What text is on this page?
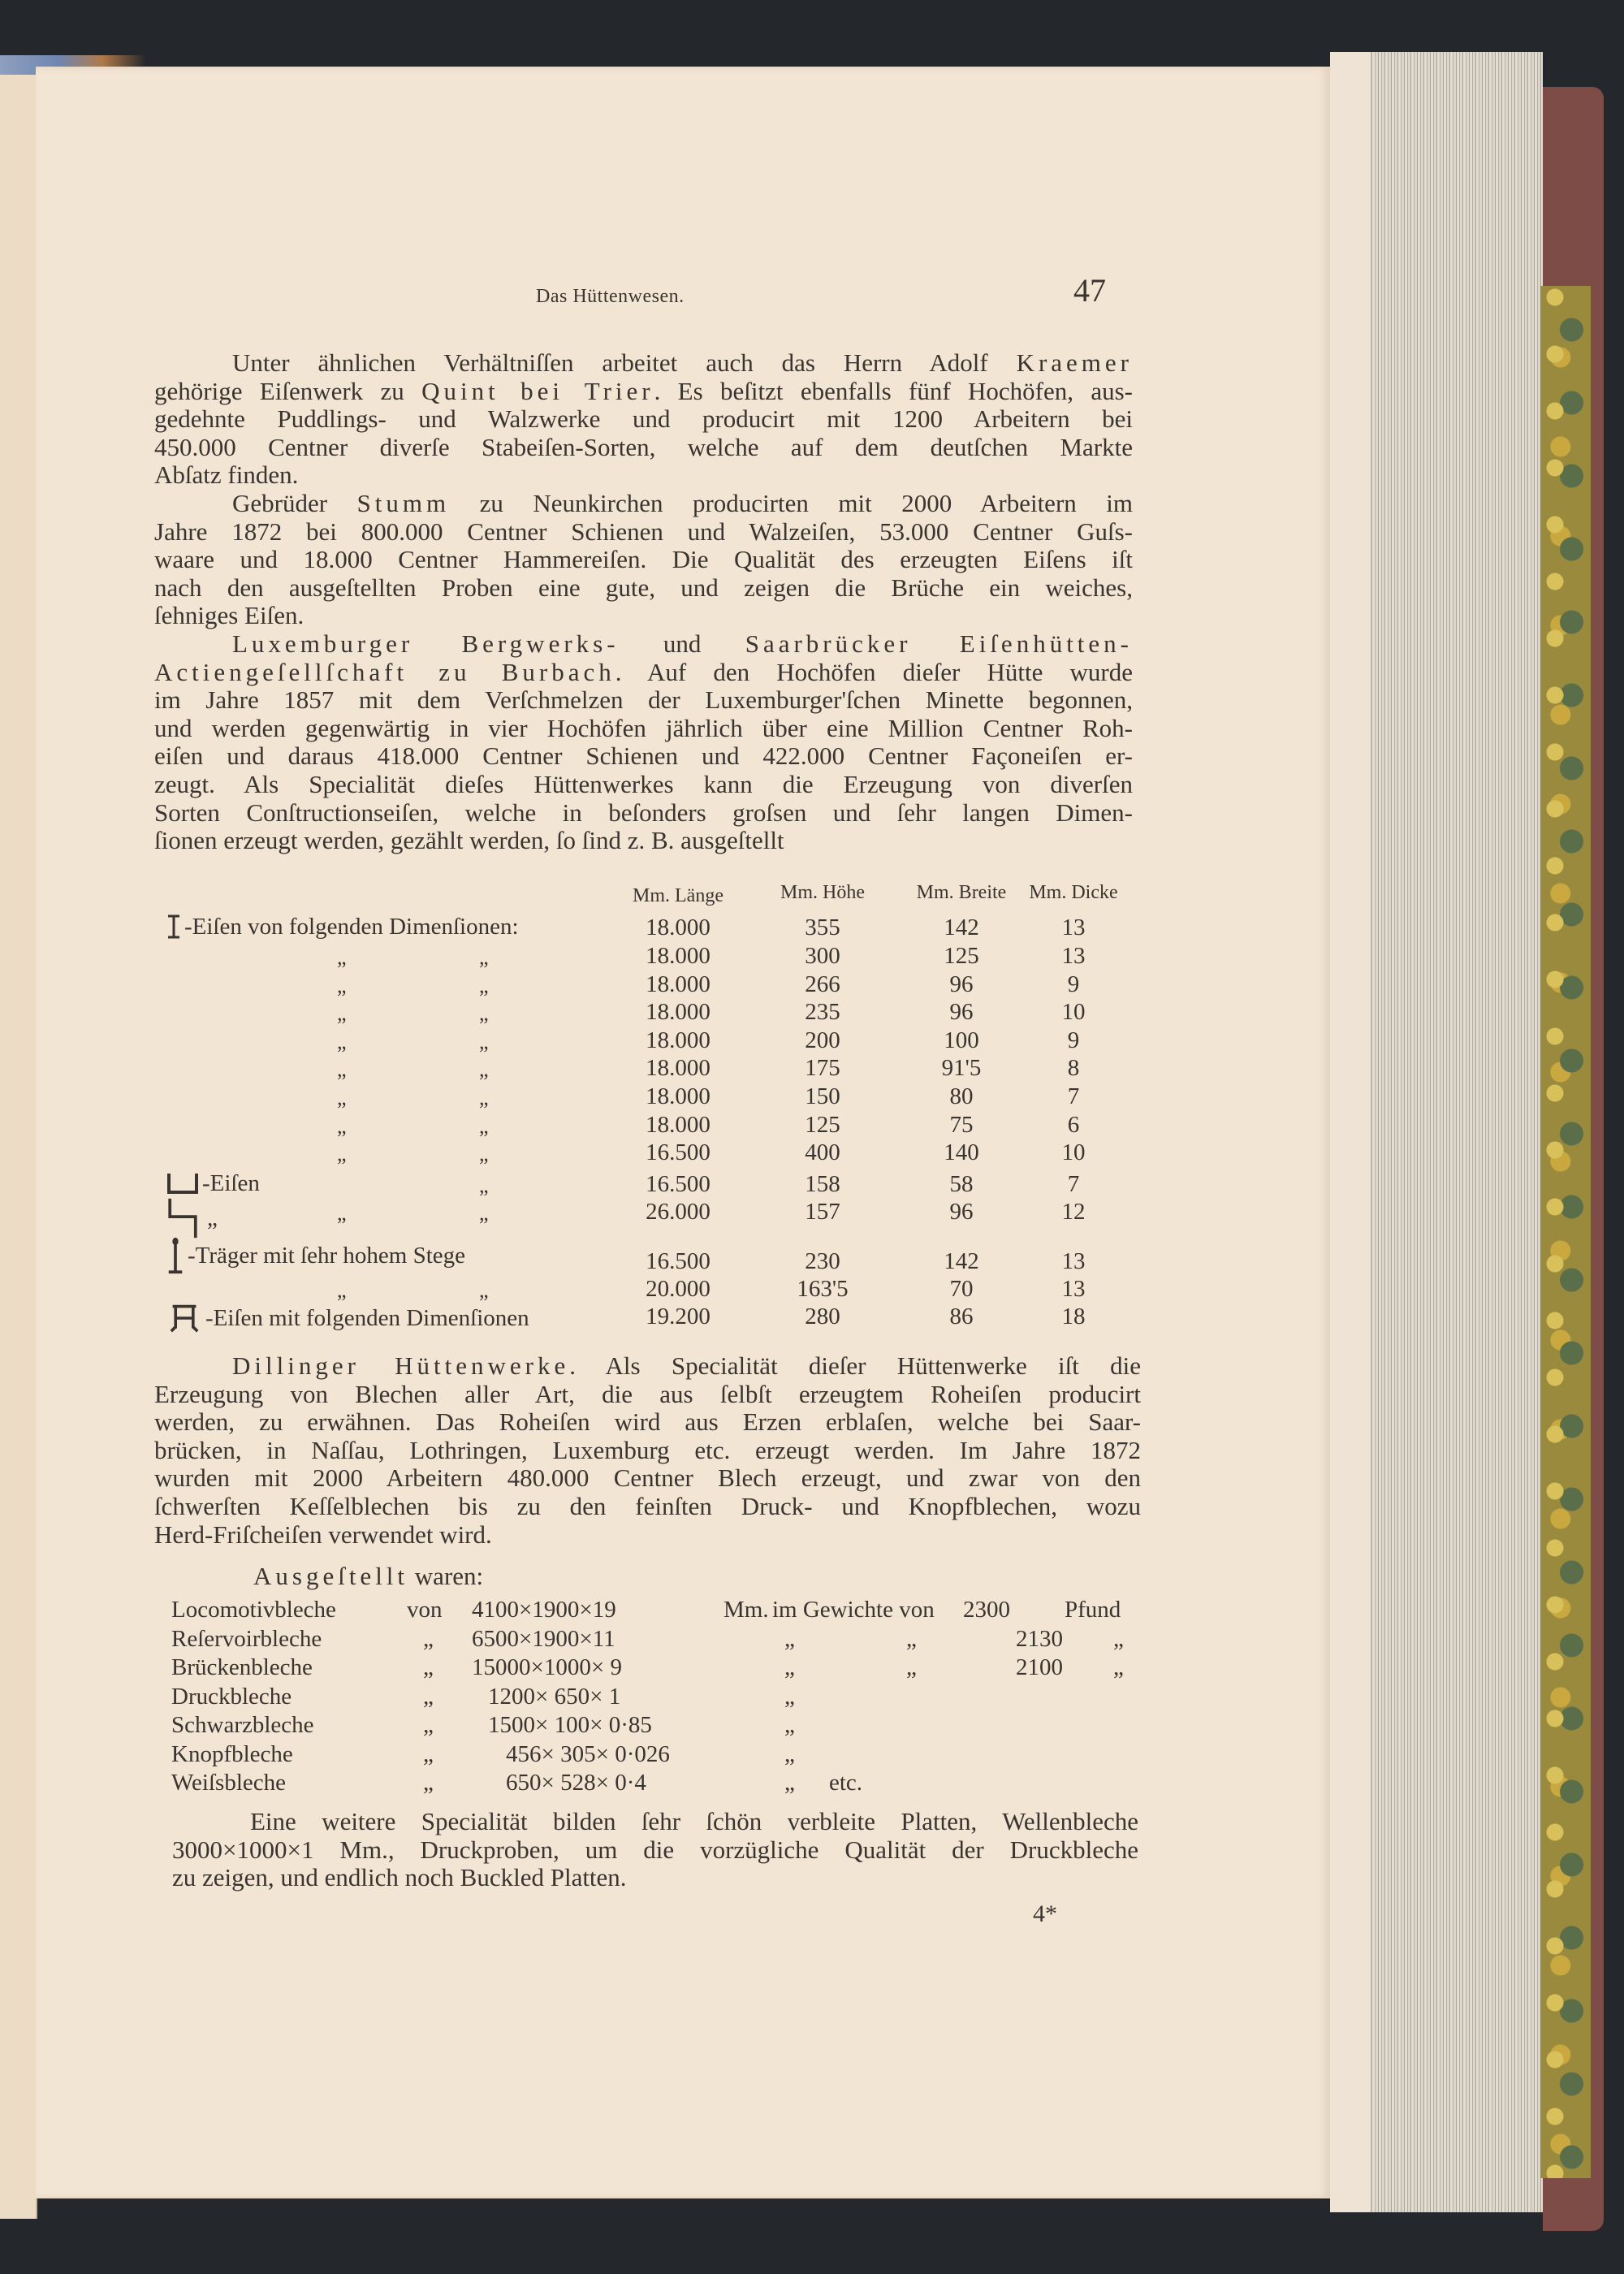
Das Hüttenwesen.	47
Unter ähnlichen Verhältniſſen arbeitet auch das Herrn Adolf Kraemer
gehörige Eiſenwerk zu Quint bei Trier. Es beſitzt ebenfalls fünf Hochöfen, aus-
gedehnte Puddlings- und Walzwerke und producirt mit 1200 Arbeitern bei
450.000 Centner diverſe Stabeiſen-Sorten, welche auf dem deutſchen Markte
Abſatz finden.
Gebrüder Stumm zu Neunkirchen producirten mit 2000 Arbeitern im
Jahre 1872 bei 800.000 Centner Schienen und Walzeiſen, 53.000 Centner Guſs-
waare und 18.000 Centner Hammereiſen. Die Qualität des erzeugten Eiſens iſt
nach den ausgeſtellten Proben eine gute, und zeigen die Brüche ein weiches,
ſehniges Eiſen.
Luxemburger Bergwerks- und Saarbrücker Eiſenhütten-
Actiengeſellſchaft zu Burbach. Auf den Hochöfen dieſer Hütte wurde
im Jahre 1857 mit dem Verſchmelzen der Luxemburger'ſchen Minette begonnen,
und werden gegenwärtig in vier Hochöfen jährlich über eine Million Centner Roh-
eiſen und daraus 418.000 Centner Schienen und 422.000 Centner Façoneiſen er-
zeugt. Als Specialität dieſes Hüttenwerkes kann die Erzeugung von diverſen
Sorten Conſtructionseiſen, welche in beſonders groſsen und ſehr langen Dimen-
ſionen erzeugt werden, gezählt werden, ſo ſind z. B. ausgeſtellt
Mm. Länge	Mm. Höhe	Mm. Breite Mm. Dicke
-Eiſen von folgenden Dimenſionen:	18.000	355	142	13
„	„	18.000	300	125	13
„	„	18.000	266	96	9
„	„	18.000	235	96	10
„	„	18.000	200	100	9
„	„	18.000	175	91'5	8
„	„	18.000	150	80	7
„	„	18.000	125	75	6
„	„	16.500	400	140	10
-Eiſen	„	16.500	158	58	7
„	„	„	26.000	157	96	12
-Träger mit ſehr hohem Stege	16.500	230	142	13
„	„	20.000	163'5	70	13
-Eiſen mit folgenden Dimenſionen	19.200	280	86	18
Dillinger Hüttenwerke. Als Specialität dieſer Hüttenwerke iſt die
Erzeugung von Blechen aller Art, die aus ſelbſt erzeugtem Roheiſen producirt
werden, zu erwähnen. Das Roheiſen wird aus Erzen erblaſen, welche bei Saar-
brücken, in Naſſau, Lothringen, Luxemburg etc. erzeugt werden. Im Jahre 1872
wurden mit 2000 Arbeitern 480.000 Centner Blech erzeugt, und zwar von den
ſchwerſten Keſſelblechen bis zu den feinſten Druck- und Knopfblechen, wozu
Herd-Friſcheiſen verwendet wird.
Ausgeſtellt waren:
Locomotivbleche	von 4100×1900×19	Mm. im Gewichte von 2300 Pfund
Reſervoirbleche	„ 6500×1900×11	„	„	2130 „
Brückenbleche	„ 15000×1000× 9	„	„	2100 „
Druckbleche	„ 1200× 650× 1	„
Schwarzbleche	„ 1500× 100× 0·85	„
Knopfbleche	„	456× 305× 0·026	„
Weiſsbleche	„	650× 528× 0·4	„ etc.
Eine weitere Specialität bilden ſehr ſchön verbleite Platten, Wellenbleche
3000×1000×1 Mm., Druckproben, um die vorzügliche Qualität der Druckbleche
zu zeigen, und endlich noch Buckled Platten.
4*
